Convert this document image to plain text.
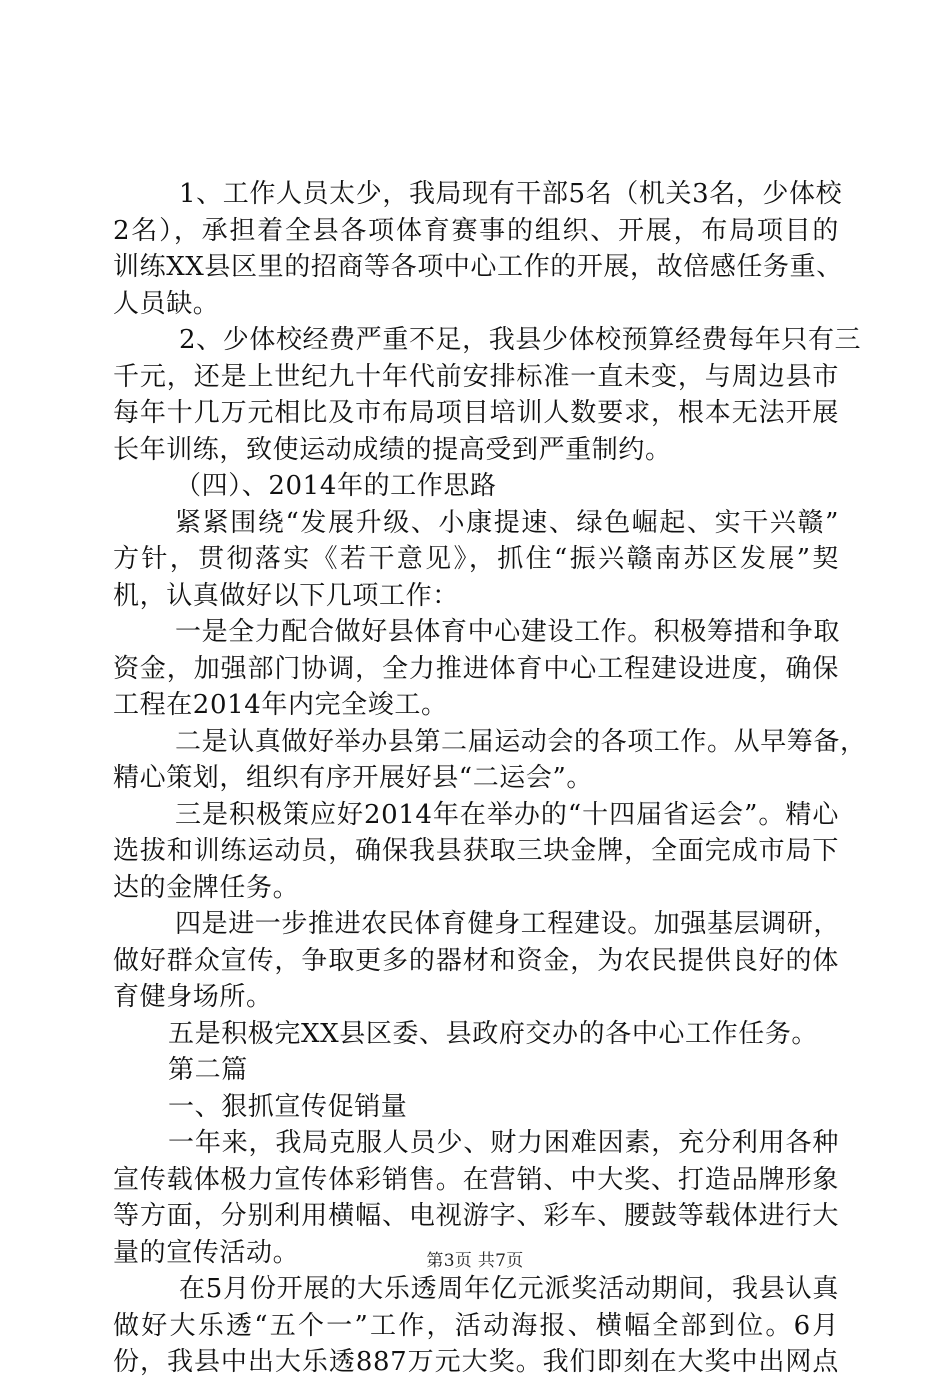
1、工作人员太少，我局现有干部5名（机关3名，少体校
2名），承担着全县各项体育赛事的组织、开展，布局项目的
训练XX县区里的招商等各项中心工作的开展，故倍感任务重、
人员缺。
2、少体校经费严重不足，我县少体校预算经费每年只有三
千元，还是上世纪九十年代前安排标准一直未变，与周边县市
每年十几万元相比及市布局项目培训人数要求，根本无法开展
长年训练，致使运动成绩的提高受到严重制约。
（四）、2014年的工作思路
紧紧围绕“发展升级、小康提速、绿色崛起、实干兴赣”
方针，贯彻落实《若干意见》，抓住“振兴赣南苏区发展”契
机，认真做好以下几项工作：
一是全力配合做好县体育中心建设工作。积极筹措和争取
资金，加强部门协调，全力推进体育中心工程建设进度，确保
工程在2014年内完全竣工。
二是认真做好举办县第二届运动会的各项工作。从早筹备，
精心策划，组织有序开展好县“二运会”。
三是积极策应好2014年在举办的“十四届省运会”。精心
选拔和训练运动员，确保我县获取三块金牌，全面完成市局下
达的金牌任务。
四是进一步推进农民体育健身工程建设。加强基层调研，
做好群众宣传，争取更多的器材和资金，为农民提供良好的体
育健身场所。
五是积极完XX县区委、县政府交办的各中心工作任务。
第二篇
一、狠抓宣传促销量
一年来，我局克服人员少、财力困难因素，充分利用各种
宣传载体极力宣传体彩销售。在营销、中大奖、打造品牌形象
等方面，分别利用横幅、电视游字、彩车、腰鼓等载体进行大
量的宣传活动。
在5月份开展的大乐透周年亿元派奖活动期间，我县认真
做好大乐透“五个一”工作，活动海报、横幅全部到位。6月
份，我县中出大乐透887万元大奖。我们即刻在大奖中出网点
第3页 共7页
